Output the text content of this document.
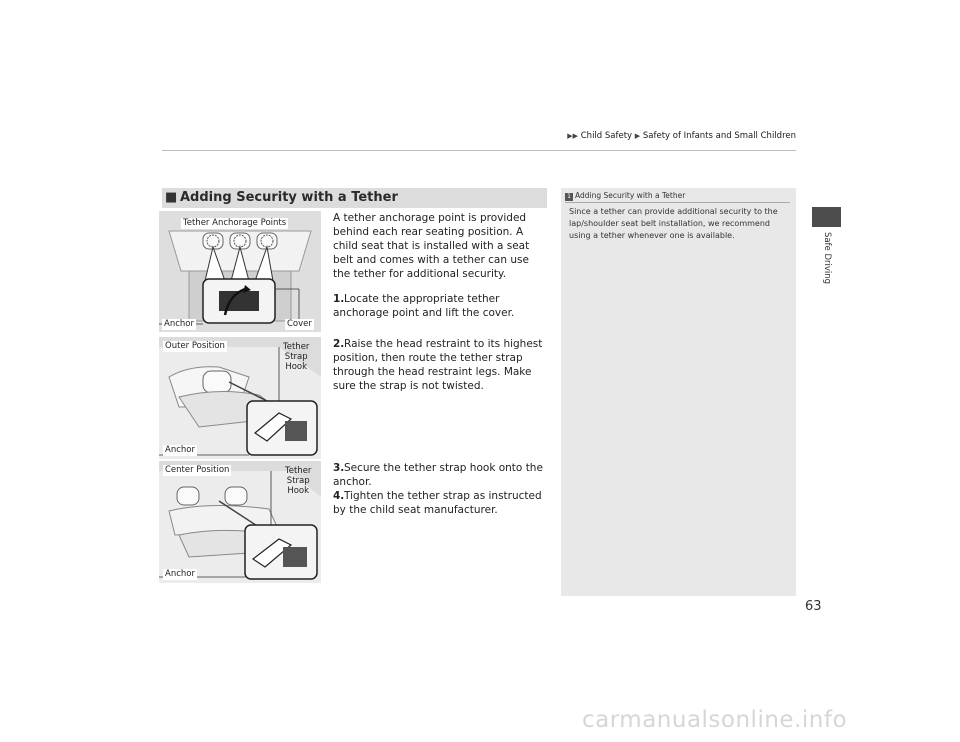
▶▶ Child Safety ▶ Safety of Infants and Small Children
Safe Driving
■ Adding Security with a Tether
Tether Anchorage Points
Anchor	Cover
Outer Position	Tether
Strap
Hook
Anchor
Center Position	Tether
Strap
Hook
Anchor
A tether anchorage point is provided behind each rear seating position. A child seat that is installed with a seat belt and comes with a tether can use the tether for additional security.
1.Locate the appropriate tether anchorage point and lift the cover.
2.Raise the head restraint to its highest position, then route the tether strap through the head restraint legs. Make sure the strap is not twisted.
3.Secure the tether strap hook onto the anchor.
4.Tighten the tether strap as instructed by the child seat manufacturer.
1 Adding Security with a Tether
Since a tether can provide additional security to the lap/shoulder seat belt installation, we recommend using a tether whenever one is available.
63
carmanualsonline.info
